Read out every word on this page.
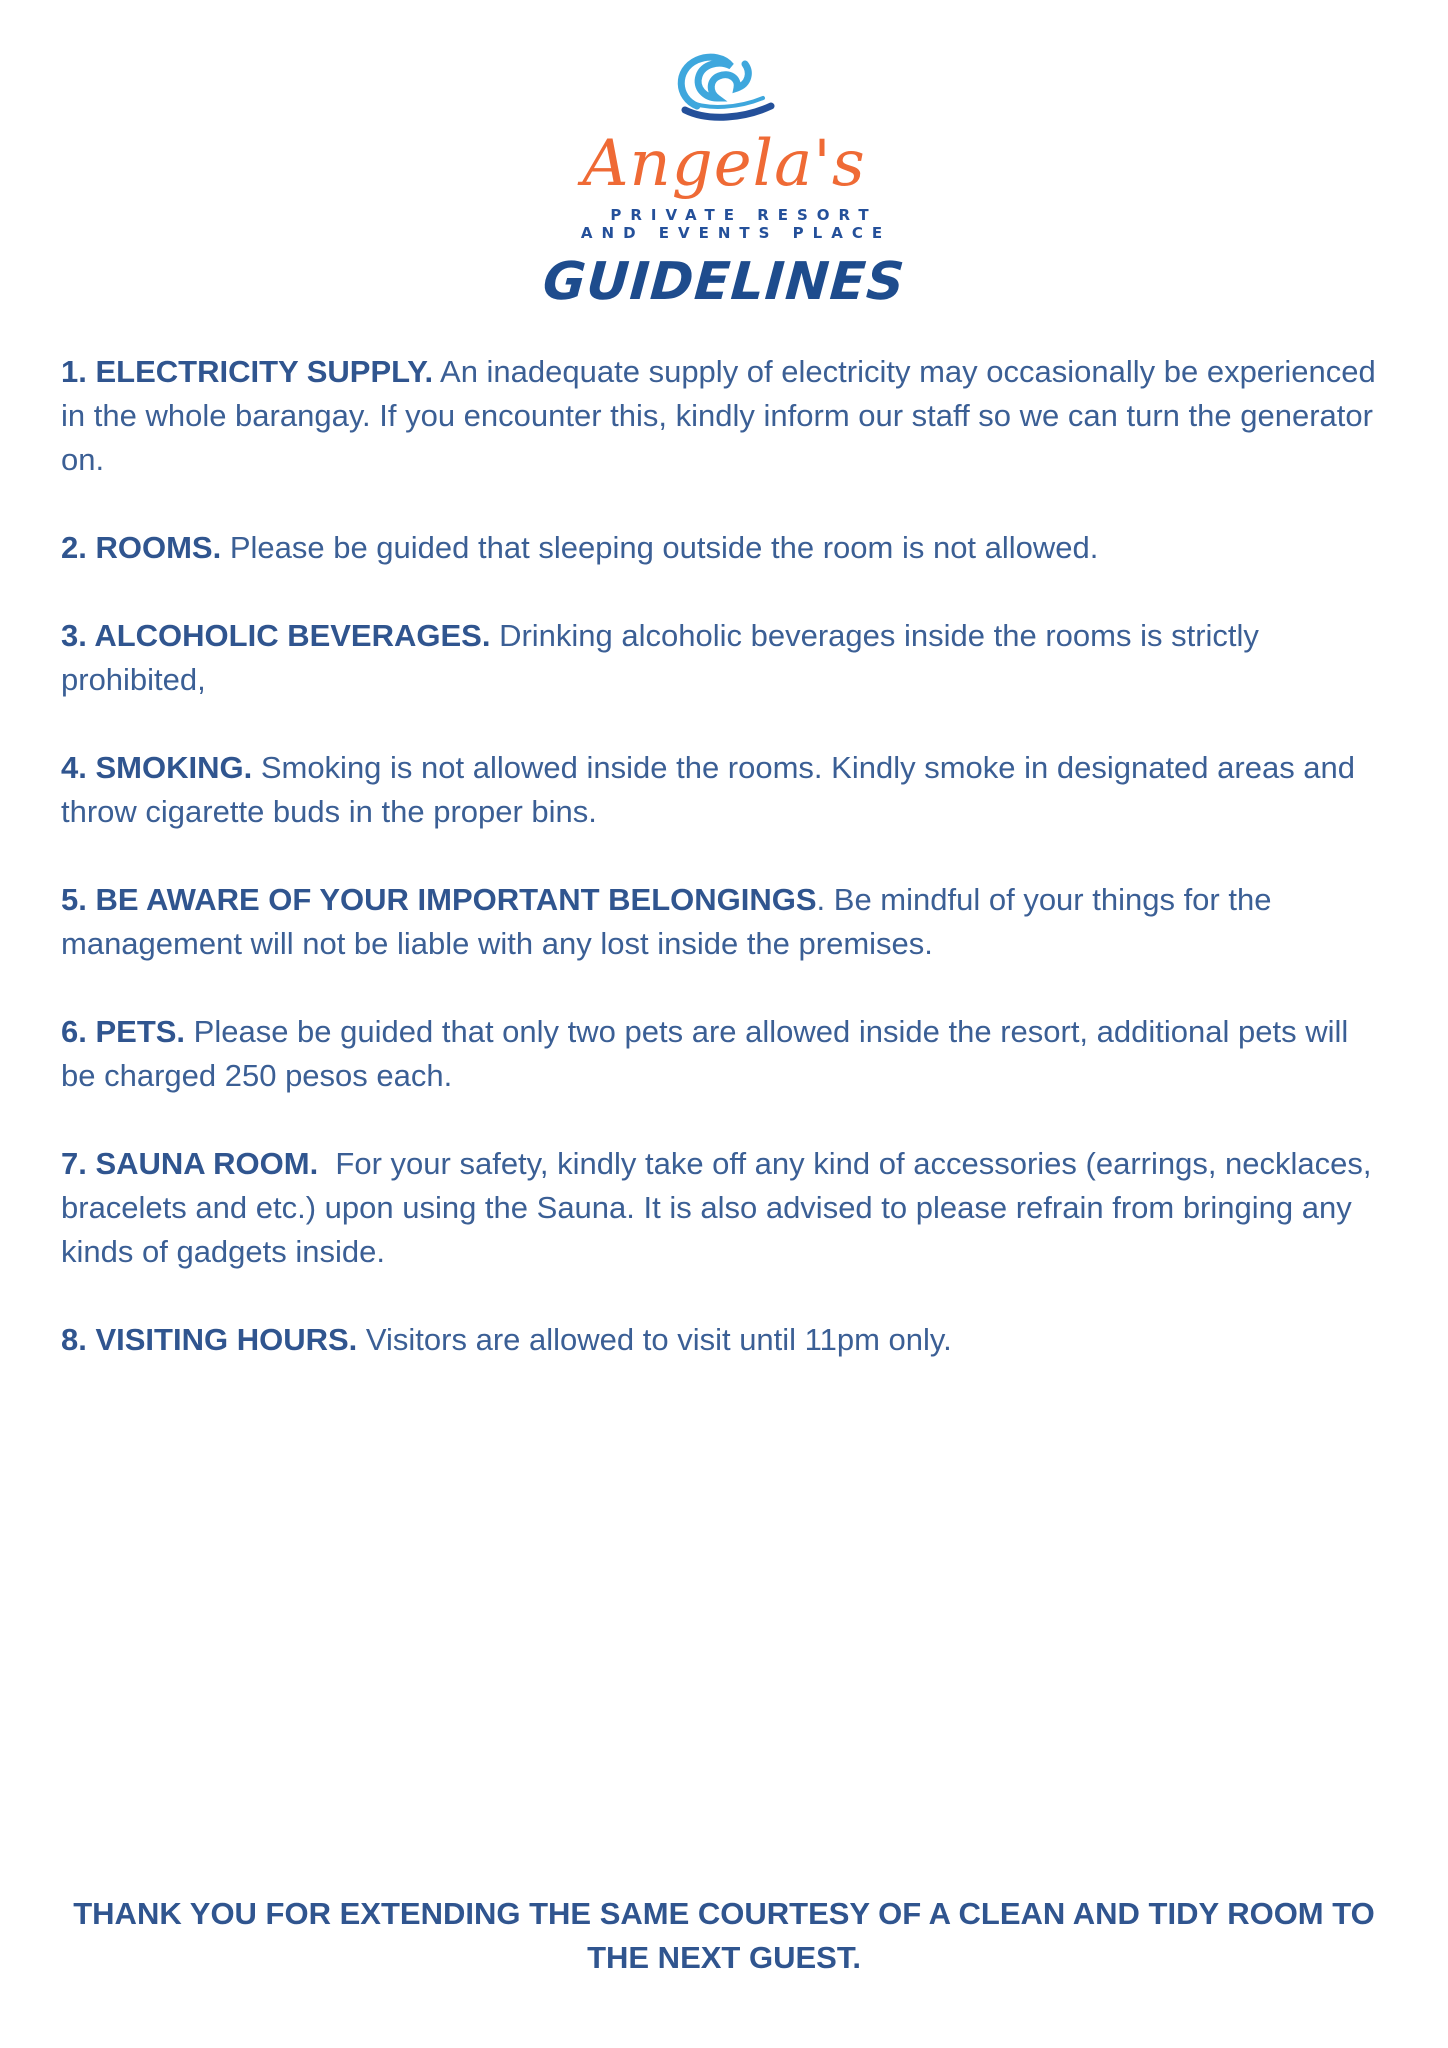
Angela's
PRIVATE RESORT
AND EVENTS PLACE
GUIDELINES

1. ELECTRICITY SUPPLY. An inadequate supply of electricity may occasionally be experienced in the whole barangay. If you encounter this, kindly inform our staff so we can turn the generator on.

2. ROOMS. Please be guided that sleeping outside the room is not allowed.

3. ALCOHOLIC BEVERAGES. Drinking alcoholic beverages inside the rooms is strictly prohibited,

4. SMOKING. Smoking is not allowed inside the rooms. Kindly smoke in designated areas and throw cigarette buds in the proper bins.

5. BE AWARE OF YOUR IMPORTANT BELONGINGS. Be mindful of your things for the management will not be liable with any lost inside the premises.

6. PETS. Please be guided that only two pets are allowed inside the resort, additional pets will be charged 250 pesos each.

7. SAUNA ROOM.  For your safety, kindly take off any kind of accessories (earrings, necklaces, bracelets and etc.) upon using the Sauna. It is also advised to please refrain from bringing any kinds of gadgets inside.

8. VISITING HOURS. Visitors are allowed to visit until 11pm only.

THANK YOU FOR EXTENDING THE SAME COURTESY OF A CLEAN AND TIDY ROOM TO THE NEXT GUEST.
